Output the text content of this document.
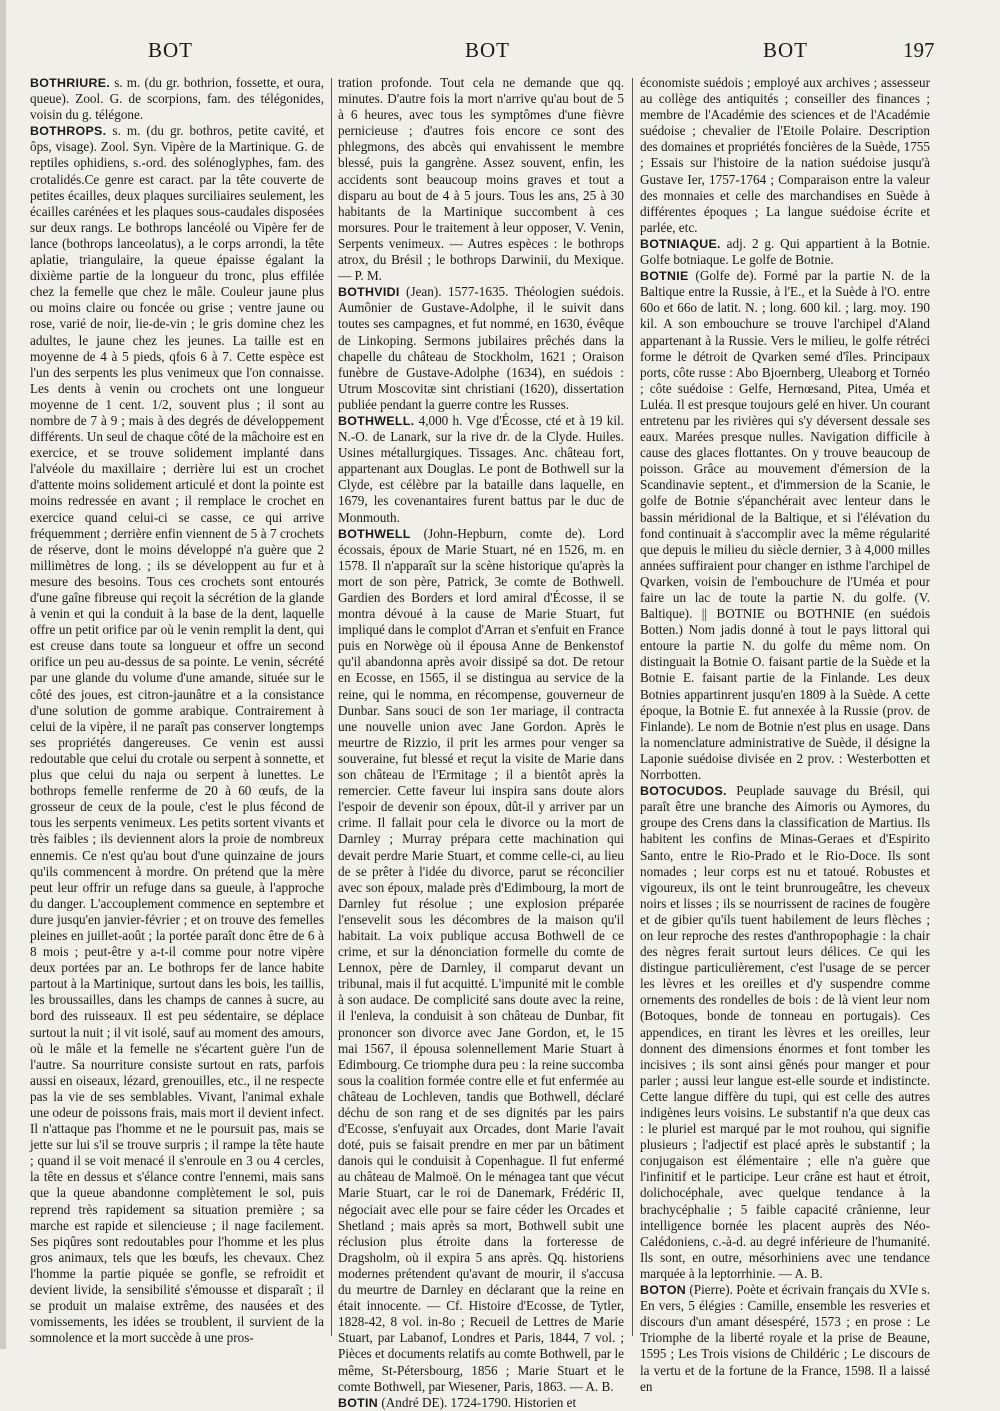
BOT	BOT	BOT	197

BOTHRIURE. s. m. (du gr. bothrion, fossette, et oura, queue). Zool. G. de scorpions, fam. des télégonides, voisin du g. télégone.

BOTHROPS. s. m. (du gr. bothros, petite cavité, et ôps, visage). Zool. Syn. Vipère de la Martinique. G. de reptiles ophidiens, s.-ord. des solénoglyphes, fam. des crotalidés.Ce genre est caract. par la tête couverte de petites écailles, deux plaques surciliaires seulement, les écailles carénées et les plaques sous-caudales disposées sur deux rangs. Le bothrops lancéolé ou Vipère fer de lance (bothrops lanceolatus), a le corps arrondi, la tête aplatie, triangulaire, la queue épaisse égalant la dixième partie de la longueur du tronc, plus effilée chez la femelle que chez le mâle. Couleur jaune plus ou moins claire ou foncée ou grise ; ventre jaune ou rose, varié de noir, lie-de-vin ; le gris domine chez les adultes, le jaune chez les jeunes. La taille est en moyenne de 4 à 5 pieds, qfois 6 à 7. Cette espèce est l'un des serpents les plus venimeux que l'on connaisse. Les dents à venin ou crochets ont une longueur moyenne de 1 cent. 1/2, souvent plus ; il sont au nombre de 7 à 9 ; mais à des degrés de développement différents. Un seul de chaque côté de la mâchoire est en exercice, et se trouve solidement implanté dans l'alvéole du maxillaire ; derrière lui est un crochet d'attente moins solidement articulé et dont la pointe est moins redressée en avant ; il remplace le crochet en exercice quand celui-ci se casse, ce qui arrive fréquemment ; derrière enfin viennent de 5 à 7 crochets de réserve, dont le moins développé n'a guère que 2 millimètres de long. ; ils se développent au fur et à mesure des besoins. Tous ces crochets sont entourés d'une gaîne fibreuse qui reçoit la sécrétion de la glande à venin et qui la conduit à la base de la dent, laquelle offre un petit orifice par où le venin remplit la dent, qui est creuse dans toute sa longueur et offre un second orifice un peu au-dessus de sa pointe. Le venin, sécrété par une glande du volume d'une amande, située sur le côté des joues, est citron-jaunâtre et a la consistance d'une solution de gomme arabique. Contrairement à celui de la vipère, il ne paraît pas conserver longtemps ses propriétés dangereuses. Ce venin est aussi redoutable que celui du crotale ou serpent à sonnette, et plus que celui du naja ou serpent à lunettes. Le bothrops femelle renferme de 20 à 60 œufs, de la grosseur de ceux de la poule, c'est le plus fécond de tous les serpents venimeux. Les petits sortent vivants et très faibles ; ils deviennent alors la proie de nombreux ennemis. Ce n'est qu'au bout d'une quinzaine de jours qu'ils commencent à mordre. On prétend que la mère peut leur offrir un refuge dans sa gueule, à l'approche du danger. L'accouplement commence en septembre et dure jusqu'en janvier-février ; et on trouve des femelles pleines en juillet-août ; la portée paraît donc être de 6 à 8 mois ; peut-être y a-t-il comme pour notre vipère deux portées par an. Le bothrops fer de lance habite partout à la Martinique, surtout dans les bois, les taillis, les broussailles, dans les champs de cannes à sucre, au bord des ruisseaux. Il est peu sédentaire, se déplace surtout la nuit ; il vit isolé, sauf au moment des amours, où le mâle et la femelle ne s'écartent guère l'un de l'autre. Sa nourriture consiste surtout en rats, parfois aussi en oiseaux, lézard, grenouilles, etc., il ne respecte pas la vie de ses semblables. Vivant, l'animal exhale une odeur de poissons frais, mais mort il devient infect. Il n'attaque pas l'homme et ne le poursuit pas, mais se jette sur lui s'il se trouve surpris ; il rampe la tête haute ; quand il se voit menacé il s'enroule en 3 ou 4 cercles, la tête en dessus et s'élance contre l'ennemi, mais sans que la queue abandonne complètement le sol, puis reprend très rapidement sa situation première ; sa marche est rapide et silencieuse ; il nage facilement. Ses piqûres sont redoutables pour l'homme et les plus gros animaux, tels que les bœufs, les chevaux. Chez l'homme la partie piquée se gonfle, se refroidit et devient livide, la sensibilité s'émousse et disparaît ; il se produit un malaise extrême, des nausées et des vomissements, les idées se troublent, il survient de la somnolence et la mort succède à une pros-

tration profonde. Tout cela ne demande que qq. minutes. D'autre fois la mort n'arrive qu'au bout de 5 à 6 heures, avec tous les symptômes d'une fièvre pernicieuse ; d'autres fois encore ce sont des phlegmons, des abcès qui envahissent le membre blessé, puis la gangrène. Assez souvent, enfin, les accidents sont beaucoup moins graves et tout a disparu au bout de 4 à 5 jours. Tous les ans, 25 à 30 habitants de la Martinique succombent à ces morsures. Pour le traitement à leur opposer, V. Venin, Serpents venimeux. — Autres espèces : le bothrops atrox, du Brésil ; le bothrops Darwinii, du Mexique. — P. M.

BOTHVIDI (Jean). 1577-1635. Théologien suédois. Aumônier de Gustave-Adolphe, il le suivit dans toutes ses campagnes, et fut nommé, en 1630, évêque de Linkoping. Sermons jubilaires prêchés dans la chapelle du château de Stockholm, 1621 ; Oraison funèbre de Gustave-Adolphe (1634), en suédois : Utrum Moscovitæ sint christiani (1620), dissertation publiée pendant la guerre contre les Russes.

BOTHWELL. 4,000 h. Vge d'Écosse, cté et à 19 kil. N.-O. de Lanark, sur la rive dr. de la Clyde. Huiles. Usines métallurgiques. Tissages. Anc. château fort, appartenant aux Douglas. Le pont de Bothwell sur la Clyde, est célèbre par la bataille dans laquelle, en 1679, les covenantaires furent battus par le duc de Monmouth.

BOTHWELL (John-Hepburn, comte de). Lord écossais, époux de Marie Stuart, né en 1526, m. en 1578. Il n'apparaît sur la scène historique qu'après la mort de son père, Patrick, 3e comte de Bothwell. Gardien des Borders et lord amiral d'Écosse, il se montra dévoué à la cause de Marie Stuart, fut impliqué dans le complot d'Arran et s'enfuit en France puis en Norwège où il épousa Anne de Benkenstof qu'il abandonna après avoir dissipé sa dot. De retour en Ecosse, en 1565, il se distingua au service de la reine, qui le nomma, en récompense, gouverneur de Dunbar. Sans souci de son 1er mariage, il contracta une nouvelle union avec Jane Gordon. Après le meurtre de Rizzio, il prit les armes pour venger sa souveraine, fut blessé et reçut la visite de Marie dans son château de l'Ermitage ; il a bientôt après la remercier. Cette faveur lui inspira sans doute alors l'espoir de devenir son époux, dût-il y arriver par un crime. Il fallait pour cela le divorce ou la mort de Darnley ; Murray prépara cette machination qui devait perdre Marie Stuart, et comme celle-ci, au lieu de se prêter à l'idée du divorce, parut se réconcilier avec son époux, malade près d'Edimbourg, la mort de Darnley fut résolue ; une explosion préparée l'ensevelit sous les décombres de la maison qu'il habitait. La voix publique accusa Bothwell de ce crime, et sur la dénonciation formelle du comte de Lennox, père de Darnley, il comparut devant un tribunal, mais il fut acquitté. L'impunité mit le comble à son audace. De complicité sans doute avec la reine, il l'enleva, la conduisit à son château de Dunbar, fit prononcer son divorce avec Jane Gordon, et, le 15 mai 1567, il épousa solennellement Marie Stuart à Edimbourg. Ce triomphe dura peu : la reine succomba sous la coalition formée contre elle et fut enfermée au château de Lochleven, tandis que Bothwell, déclaré déchu de son rang et de ses dignités par les pairs d'Ecosse, s'enfuyait aux Orcades, dont Marie l'avait doté, puis se faisait prendre en mer par un bâtiment danois qui le conduisit à Copenhague. Il fut enfermé au château de Malmoë. On le ménagea tant que vécut Marie Stuart, car le roi de Danemark, Frédéric II, négociait avec elle pour se faire céder les Orcades et Shetland ; mais après sa mort, Bothwell subit une réclusion plus étroite dans la forteresse de Dragsholm, où il expira 5 ans après. Qq. historiens modernes prétendent qu'avant de mourir, il s'accusa du meurtre de Darnley en déclarant que la reine en était innocente. — Cf. Histoire d'Ecosse, de Tytler, 1828-42, 8 vol. in-8o ; Recueil de Lettres de Marie Stuart, par Labanof, Londres et Paris, 1844, 7 vol. ; Pièces et documents relatifs au comte Bothwell, par le même, St-Pétersbourg, 1856 ; Marie Stuart et le comte Bothwell, par Wiesener, Paris, 1863. — A. B.

BOTIN (André DE). 1724-1790. Historien et

économiste suédois ; employé aux archives ; assesseur au collège des antiquités ; conseiller des finances ; membre de l'Académie des sciences et de l'Académie suédoise ; chevalier de l'Etoile Polaire. Description des domaines et propriétés foncières de la Suède, 1755 ; Essais sur l'histoire de la nation suédoise jusqu'à Gustave Ier, 1757-1764 ; Comparaison entre la valeur des monnaies et celle des marchandises en Suède à différentes époques ; La langue suédoise écrite et parlée, etc.

BOTNIAQUE. adj. 2 g. Qui appartient à la Botnie. Golfe botniaque. Le golfe de Botnie.

BOTNIE (Golfe de). Formé par la partie N. de la Baltique entre la Russie, à l'E., et la Suède à l'O. entre 60o et 66o de latit. N. ; long. 600 kil. ; larg. moy. 190 kil. A son embouchure se trouve l'archipel d'Aland appartenant à la Russie. Vers le milieu, le golfe rétréci forme le détroit de Qvarken semé d'îles. Principaux ports, côte russe : Abo Bjoernberg, Uleaborg et Tornéo ; côte suédoise : Gelfe, Hernœsand, Pitea, Uméa et Luléa. Il est presque toujours gelé en hiver. Un courant entretenu par les rivières qui s'y déversent dessale ses eaux. Marées presque nulles. Navigation difficile à cause des glaces flottantes. On y trouve beaucoup de poisson. Grâce au mouvement d'émersion de la Scandinavie septent., et d'immersion de la Scanie, le golfe de Botnie s'épanchérait avec lenteur dans le bassin méridional de la Baltique, et si l'élévation du fond continuait à s'accomplir avec la même régularité que depuis le milieu du siècle dernier, 3 à 4,000 milles années suffiraient pour changer en isthme l'archipel de Qvarken, voisin de l'embouchure de l'Uméa et pour faire un lac de toute la partie N. du golfe. (V. Baltique). || BOTNIE ou BOTHNIE (en suédois Botten.) Nom jadis donné à tout le pays littoral qui entoure la partie N. du golfe du même nom. On distinguait la Botnie O. faisant partie de la Suède et la Botnie E. faisant partie de la Finlande. Les deux Botnies appartinrent jusqu'en 1809 à la Suède. A cette époque, la Botnie E. fut annexée à la Russie (prov. de Finlande). Le nom de Botnie n'est plus en usage. Dans la nomenclature administrative de Suède, il désigne la Laponie suédoise divisée en 2 prov. : Westerbotten et Norrbotten.

BOTOCUDOS. Peuplade sauvage du Brésil, qui paraît être une branche des Aimoris ou Aymores, du groupe des Crens dans la classification de Martius. Ils habitent les confins de Minas-Geraes et d'Espirito Santo, entre le Rio-Prado et le Rio-Doce. Ils sont nomades ; leur corps est nu et tatoué. Robustes et vigoureux, ils ont le teint brunrougeâtre, les cheveux noirs et lisses ; ils se nourrissent de racines de fougère et de gibier qu'ils tuent habilement de leurs flèches ; on leur reproche des restes d'anthropophagie : la chair des nègres ferait surtout leurs délices. Ce qui les distingue particulièrement, c'est l'usage de se percer les lèvres et les oreilles et d'y suspendre comme ornements des rondelles de bois : de là vient leur nom (Botoques, bonde de tonneau en portugais). Ces appendices, en tirant les lèvres et les oreilles, leur donnent des dimensions énormes et font tomber les incisives ; ils sont ainsi gênés pour manger et pour parler ; aussi leur langue est-elle sourde et indistincte. Cette langue diffère du tupi, qui est celle des autres indigènes leurs voisins. Le substantif n'a que deux cas : le pluriel est marqué par le mot rouhou, qui signifie plusieurs ; l'adjectif est placé après le substantif ; la conjugaison est élémentaire ; elle n'a guère que l'infinitif et le participe. Leur crâne est haut et étroit, dolichocéphale, avec quelque tendance à la brachycéphalie ; 5 faible capacité crânienne, leur intelligence bornée les placent auprès des Néo-Calédoniens, c.-à-d. au degré inférieure de l'humanité. Ils sont, en outre, mésorhiniens avec une tendance marquée à la leptorrhinie. — A. B.

BOTON (Pierre). Poète et écrivain français du XVIe s. En vers, 5 élégies : Camille, ensemble les resveries et discours d'un amant désespéré, 1573 ; en prose : Le Triomphe de la liberté royale et la prise de Beaune, 1595 ; Les Trois visions de Childéric ; Le discours de la vertu et de la fortune de la France, 1598. Il a laissé en
